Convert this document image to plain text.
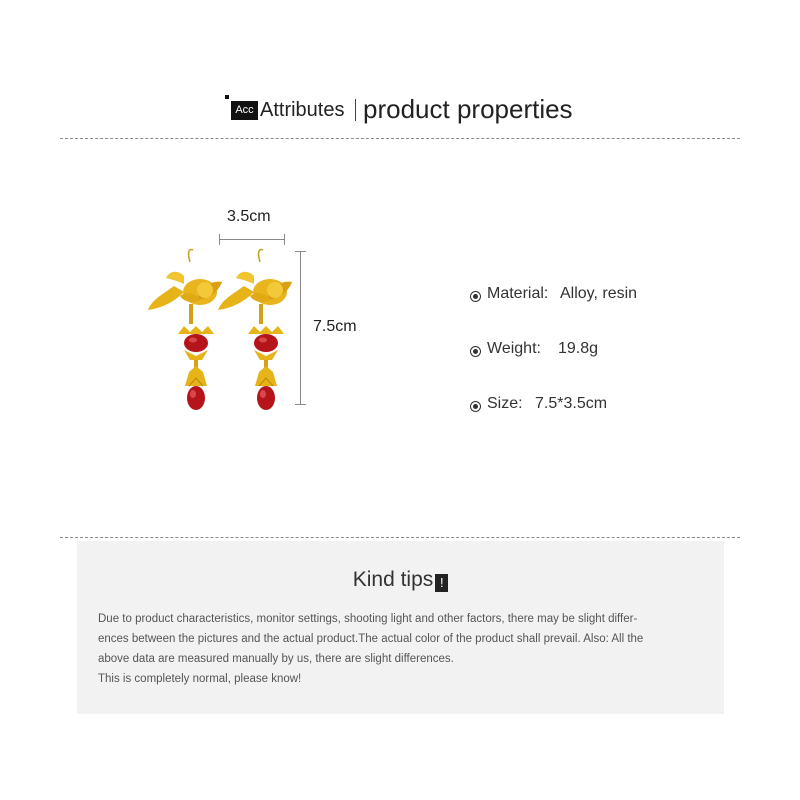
Acc Attributes product properties
3.5cm
7.5cm
Material: Alloy, resin
Weight: 19.8g
Size: 7.5*3.5cm
Kind tips !
Due to product characteristics, monitor settings, shooting light and other factors, there may be slight differ-
ences between the pictures and the actual product.The actual color of the product shall prevail. Also: All the
above data are measured manually by us, there are slight differences.
This is completely normal, please know!
